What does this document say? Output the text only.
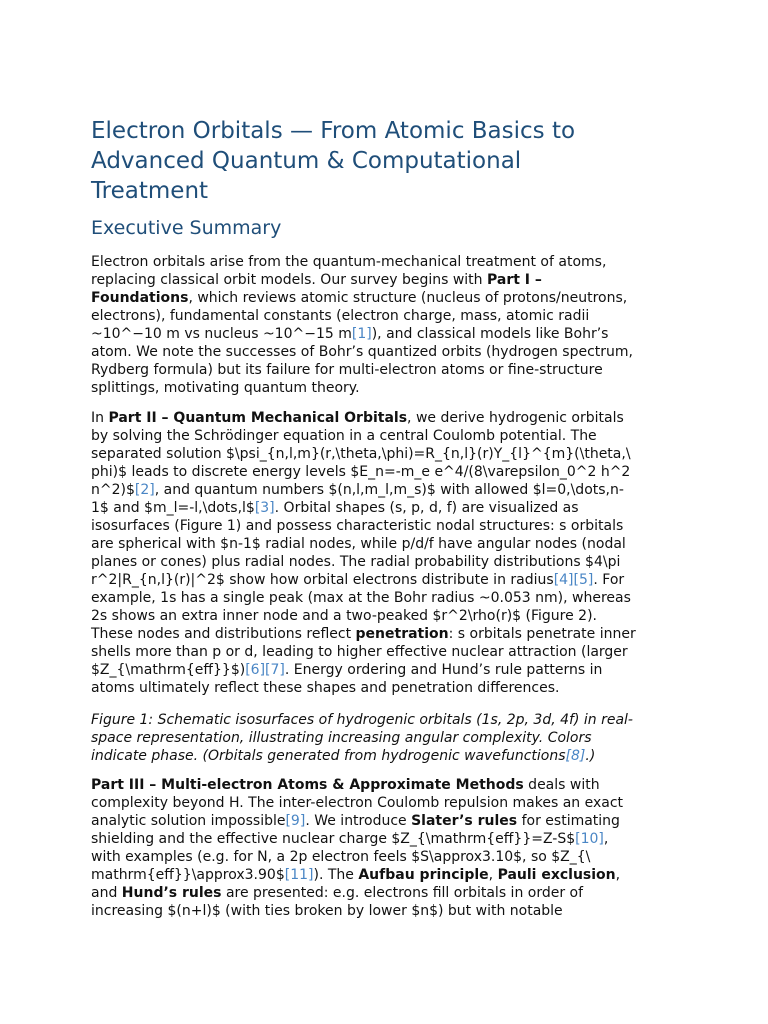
Electron Orbitals — From Atomic Basics to
Advanced Quantum & Computational
Treatment
Executive Summary

Electron orbitals arise from the quantum-mechanical treatment of atoms,
replacing classical orbit models. Our survey begins with Part I –
Foundations, which reviews atomic structure (nucleus of protons/neutrons,
electrons), fundamental constants (electron charge, mass, atomic radii
~10^−10 m vs nucleus ~10^−15 m[1]), and classical models like Bohr’s
atom. We note the successes of Bohr’s quantized orbits (hydrogen spectrum,
Rydberg formula) but its failure for multi-electron atoms or fine-structure
splittings, motivating quantum theory.

In Part II – Quantum Mechanical Orbitals, we derive hydrogenic orbitals
by solving the Schrödinger equation in a central Coulomb potential. The
separated solution $\psi_{n,l,m}(r,\theta,\phi)=R_{n,l}(r)Y_{l}^{m}(\theta,\
phi)$ leads to discrete energy levels $E_n=-m_e e^4/(8\varepsilon_0^2 h^2
n^2)$[2], and quantum numbers $(n,l,m_l,m_s)$ with allowed $l=0,\dots,n-
1$ and $m_l=-l,\dots,l$[3]. Orbital shapes (s, p, d, f) are visualized as
isosurfaces (Figure 1) and possess characteristic nodal structures: s orbitals
are spherical with $n-1$ radial nodes, while p/d/f have angular nodes (nodal
planes or cones) plus radial nodes. The radial probability distributions $4\pi
r^2|R_{n,l}(r)|^2$ show how orbital electrons distribute in radius[4][5]. For
example, 1s has a single peak (max at the Bohr radius ~0.053 nm), whereas
2s shows an extra inner node and a two-peaked $r^2\rho(r)$ (Figure 2).
These nodes and distributions reflect penetration: s orbitals penetrate inner
shells more than p or d, leading to higher effective nuclear attraction (larger
$Z_{\mathrm{eff}}$)[6][7]. Energy ordering and Hund’s rule patterns in
atoms ultimately reflect these shapes and penetration differences.

Figure 1: Schematic isosurfaces of hydrogenic orbitals (1s, 2p, 3d, 4f) in real-
space representation, illustrating increasing angular complexity. Colors
indicate phase. (Orbitals generated from hydrogenic wavefunctions[8].)

Part III – Multi-electron Atoms & Approximate Methods deals with
complexity beyond H. The inter-electron Coulomb repulsion makes an exact
analytic solution impossible[9]. We introduce Slater’s rules for estimating
shielding and the effective nuclear charge $Z_{\mathrm{eff}}=Z-S$[10],
with examples (e.g. for N, a 2p electron feels $S\approx3.10$, so $Z_{\
mathrm{eff}}\approx3.90$[11]). The Aufbau principle, Pauli exclusion,
and Hund’s rules are presented: e.g. electrons fill orbitals in order of
increasing $(n+l)$ (with ties broken by lower $n$) but with notable
